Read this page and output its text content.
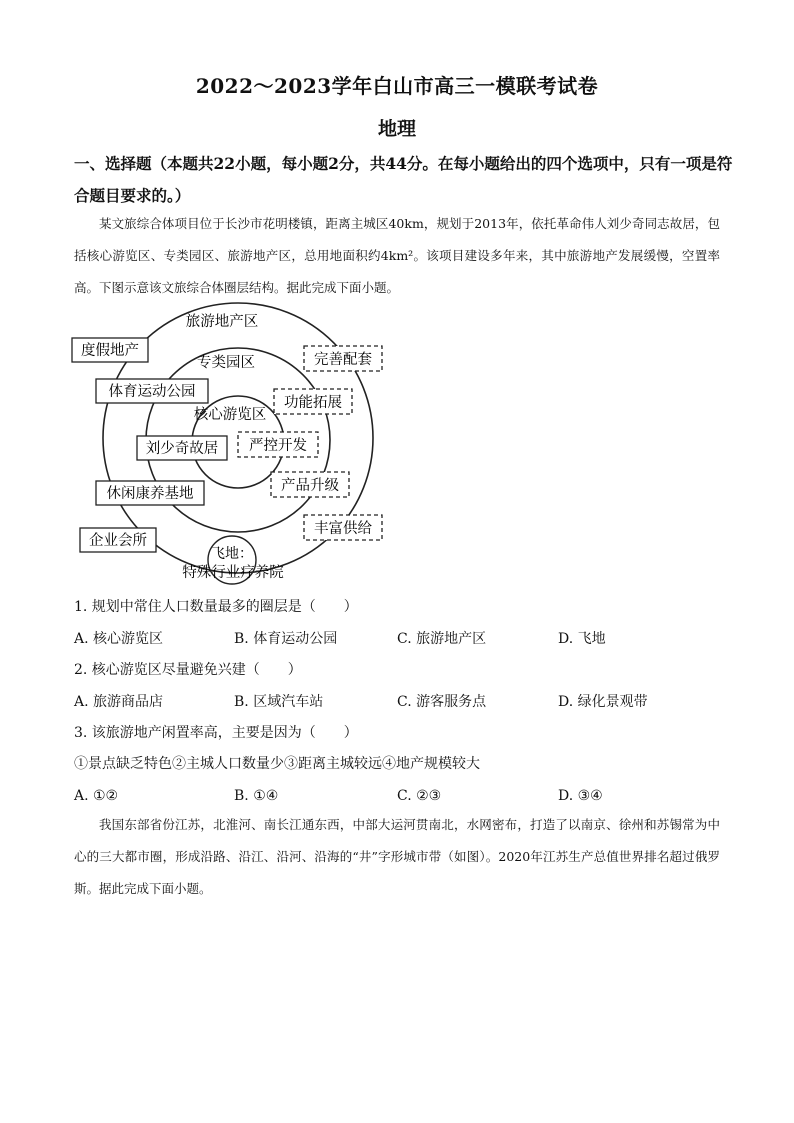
2022～2023学年白山市高三一模联考试卷
地理
一、选择题（本题共22小题，每小题2分，共44分。在每小题给出的四个选项中，只有一项是符合题目要求的。）
某文旅综合体项目位于长沙市花明楼镇，距离主城区40km，规划于2013年，依托革命伟人刘少奇同志故居，包括核心游览区、专类园区、旅游地产区，总用地面积约4km²。该项目建设多年来，其中旅游地产发展缓慢，空置率高。下图示意该文旅综合体圈层结构。据此完成下面小题。
旅游地产区
专类园区
核心游览区
度假地产
体育运动公园
刘少奇故居
休闲康养基地
企业会所
完善配套
功能拓展
严控开发
产品升级
丰富供给
飞地：
特殊行业疗养院
1. 规划中常住人口数量最多的圈层是（　　）
A. 核心游览区	B. 体育运动公园	C. 旅游地产区	D. 飞地
2. 核心游览区尽量避免兴建（　　）
A. 旅游商品店	B. 区域汽车站	C. 游客服务点	D. 绿化景观带
3. 该旅游地产闲置率高，主要是因为（　　）
①景点缺乏特色②主城人口数量少③距离主城较远④地产规模较大
A. ①②	B. ①④	C. ②③	D. ③④
我国东部省份江苏，北淮河、南长江通东西，中部大运河贯南北，水网密布，打造了以南京、徐州和苏锡常为中心的三大都市圈，形成沿路、沿江、沿河、沿海的“井”字形城市带（如图）。2020年江苏生产总值世界排名超过俄罗斯。据此完成下面小题。
